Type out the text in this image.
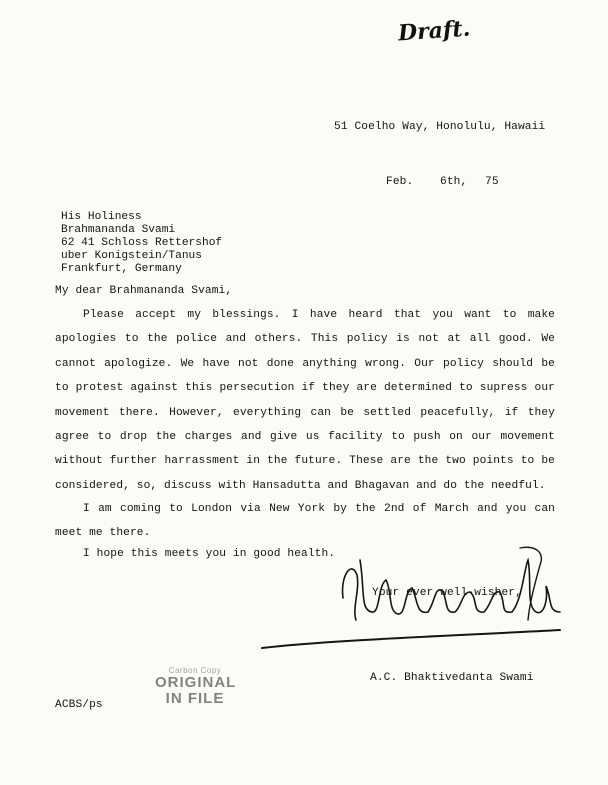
Draft.
51 Coelho Way, Honolulu, Hawaii
Feb. 6th, 75
His Holiness
Brahmananda Svami
62 41 Schloss Rettershof
uber Konigstein/Tanus
Frankfurt, Germany
My dear Brahmananda Svami,
Please accept my blessings. I have heard that you want to make apologies to the police and others. This policy is not at all good. We cannot apologize. We have not done anything wrong. Our policy should be to protest against this persecution if they are determined to supress our movement there. However, everything can be settled peacefully, if they agree to drop the charges and give us facility to push on our movement without further harrassment in the future. These are the two points to be considered, so, discuss with Hansadutta and Bhagavan and do the needful.
I am coming to London via New York by the 2nd of March and you can meet me there.
I hope this meets you in good health.
Your ever well-wisher,
A.C. Bhaktivedanta Swami
Carbon Copy
ORIGINAL
IN FILE
ACBS/ps
